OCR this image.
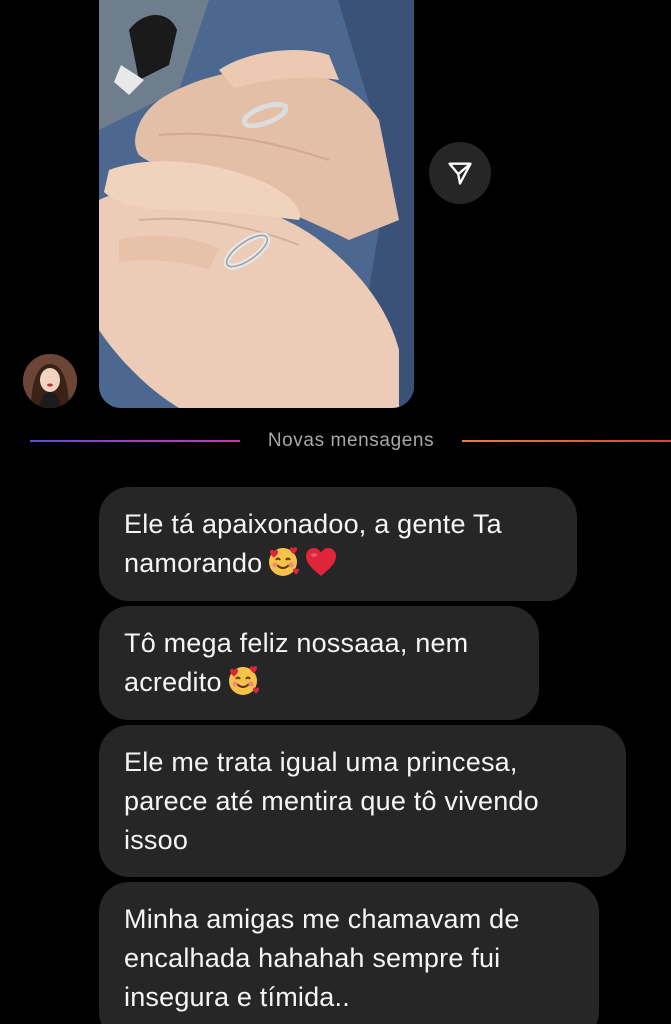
Novas mensagens
Ele tá apaixonadoo, a gente Ta
namorando
Tô mega feliz nossaaa, nem
acredito
Ele me trata igual uma princesa,
parece até mentira que tô vivendo
issoo
Minha amigas me chamavam de
encalhada hahahah sempre fui
insegura e tímida..
